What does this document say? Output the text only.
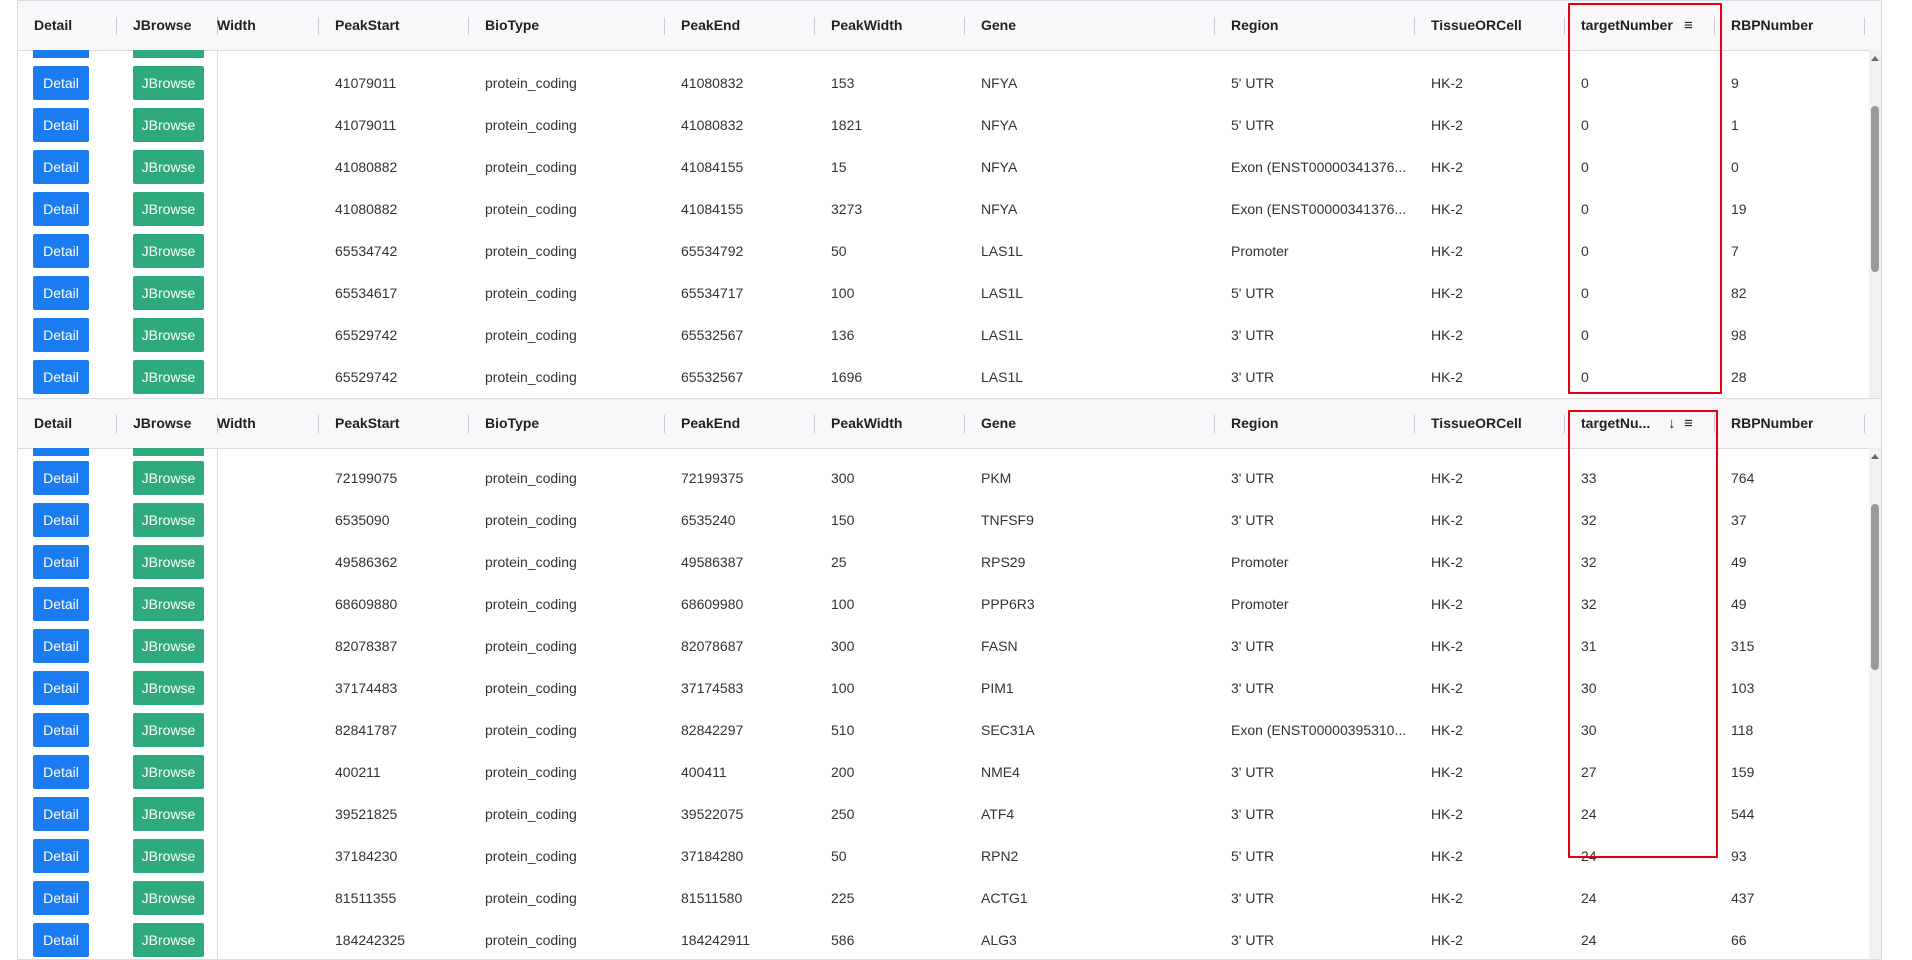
Detail	JBrowse Width	PeakStart	BioType	PeakEnd	PeakWidth	Gene	Region	TissueORCell	targetNumber ≡	RBPNumber
Detail	JBrowse	41079011	protein_coding	41080832	153	NFYA	5' UTR	HK-2	0	9
Detail	JBrowse	41079011	protein_coding	41080832	1821	NFYA	5' UTR	HK-2	0	1
Detail	JBrowse	41080882	protein_coding	41084155	15	NFYA	Exon (ENST00000341376... HK-2	0	0
Detail	JBrowse	41080882	protein_coding	41084155	3273	NFYA	Exon (ENST00000341376... HK-2	0	19
Detail	JBrowse	65534742	protein_coding	65534792	50	LAS1L	Promoter	HK-2	0	7
Detail	JBrowse	65534617	protein_coding	65534717	100	LAS1L	5' UTR	HK-2	0	82
Detail	JBrowse	65529742	protein_coding	65532567	136	LAS1L	3' UTR	HK-2	0	98
Detail	JBrowse	65529742	protein_coding	65532567	1696	LAS1L	3' UTR	HK-2	0	28
Detail	JBrowse Width	PeakStart	BioType	PeakEnd	PeakWidth	Gene	Region	TissueORCell	targetNu...	↓ ≡	RBPNumber
Detail	JBrowse	72199075	protein_coding	72199375	300	PKM	3' UTR	HK-2	33	764
Detail	JBrowse	6535090	protein_coding	6535240	150	TNFSF9	3' UTR	HK-2	32	37
Detail	JBrowse	49586362	protein_coding	49586387	25	RPS29	Promoter	HK-2	32	49
Detail	JBrowse	68609880	protein_coding	68609980	100	PPP6R3	Promoter	HK-2	32	49
Detail	JBrowse	82078387	protein_coding	82078687	300	FASN	3' UTR	HK-2	31	315
Detail	JBrowse	37174483	protein_coding	37174583	100	PIM1	3' UTR	HK-2	30	103
Detail	JBrowse	82841787	protein_coding	82842297	510	SEC31A	Exon (ENST00000395310... HK-2	30	118
Detail	JBrowse	400211	protein_coding	400411	200	NME4	3' UTR	HK-2	27	159
Detail	JBrowse	39521825	protein_coding	39522075	250	ATF4	3' UTR	HK-2	24	544
Detail	JBrowse	37184230	protein_coding	37184280	50	RPN2	5' UTR	HK-2	24	93
Detail	JBrowse	81511355	protein_coding	81511580	225	ACTG1	3' UTR	HK-2	24	437
Detail	JBrowse	184242325	protein_coding	184242911	586	ALG3	3' UTR	HK-2	24	66
